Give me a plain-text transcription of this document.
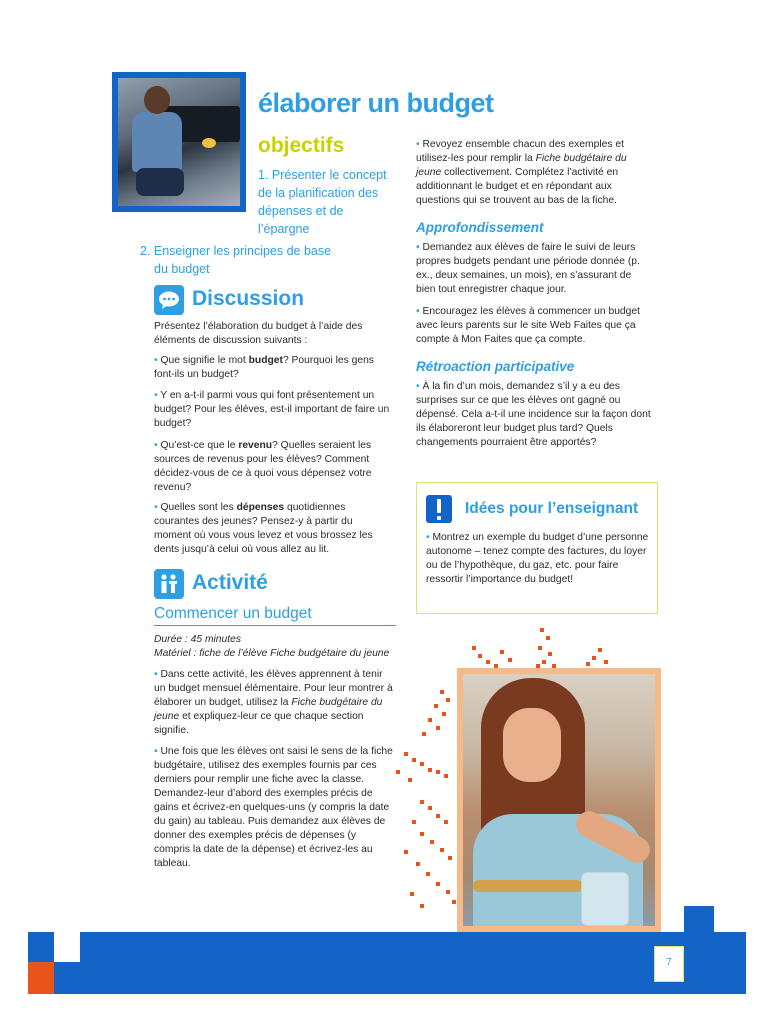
élaborer un budget
objectifs
1. Présenter le concept de la planification des dépenses et de l’épargne
2. Enseigner les principes de base
du budget
Discussion
Présentez l’élaboration du budget à l’aide des éléments de discussion suivants :
• Que signifie le mot budget? Pourquoi les gens font-ils un budget?
• Y en a-t-il parmi vous qui font présentement un budget? Pour les élèves, est-il important de faire un budget?
• Qu’est-ce que le revenu? Quelles seraient les sources de revenus pour les élèves? Comment décidez-vous de ce à quoi vous dépensez votre revenu?
• Quelles sont les dépenses quotidiennes courantes des jeunes? Pensez-y à partir du moment où vous vous levez et vous brossez les dents jusqu’à celui où vous allez au lit.
Activité
Commencer un budget
Durée : 45 minutes
Matériel : fiche de l’élève Fiche budgétaire du jeune
• Dans cette activité, les élèves apprennent à tenir un budget mensuel élémentaire. Pour leur montrer à élaborer un budget, utilisez la Fiche budgétaire du jeune et expliquez-leur ce que chaque section signifie.
• Une fois que les élèves ont saisi le sens de la fiche budgétaire, utilisez des exemples fournis par ces derniers pour remplir une fiche avec la classe. Demandez-leur d’abord des exemples précis de gains et écrivez-en quelques-uns (y compris la date du gain) au tableau. Puis demandez aux élèves de donner des exemples précis de dépenses (y compris la date de la dépense) et écrivez-les au tableau.
• Revoyez ensemble chacun des exemples et utilisez-les pour remplir la Fiche budgétaire du jeune collectivement. Complétez l’activité en additionnant le budget et en répondant aux questions qui se trouvent au bas de la fiche.
Approfondissement
• Demandez aux élèves de faire le suivi de leurs propres budgets pendant une période donnée (p. ex., deux semaines, un mois), en s’assurant de bien tout enregistrer chaque jour.
• Encouragez les élèves à commencer un budget avec leurs parents sur le site Web Faites que ça compte à Mon Faites que ça compte.
Rétroaction participative
• À la fin d’un mois, demandez s’il y a eu des surprises sur ce que les élèves ont gagné ou dépensé. Cela a-t-il une incidence sur la façon dont ils élaboreront leur budget plus tard? Quels changements pourraient être apportés?
Idées pour l’enseignant
• Montrez un exemple du budget d’une personne autonome – tenez compte des factures, du loyer ou de l’hypothèque, du gaz, etc. pour faire ressortir l’importance du budget!
7
